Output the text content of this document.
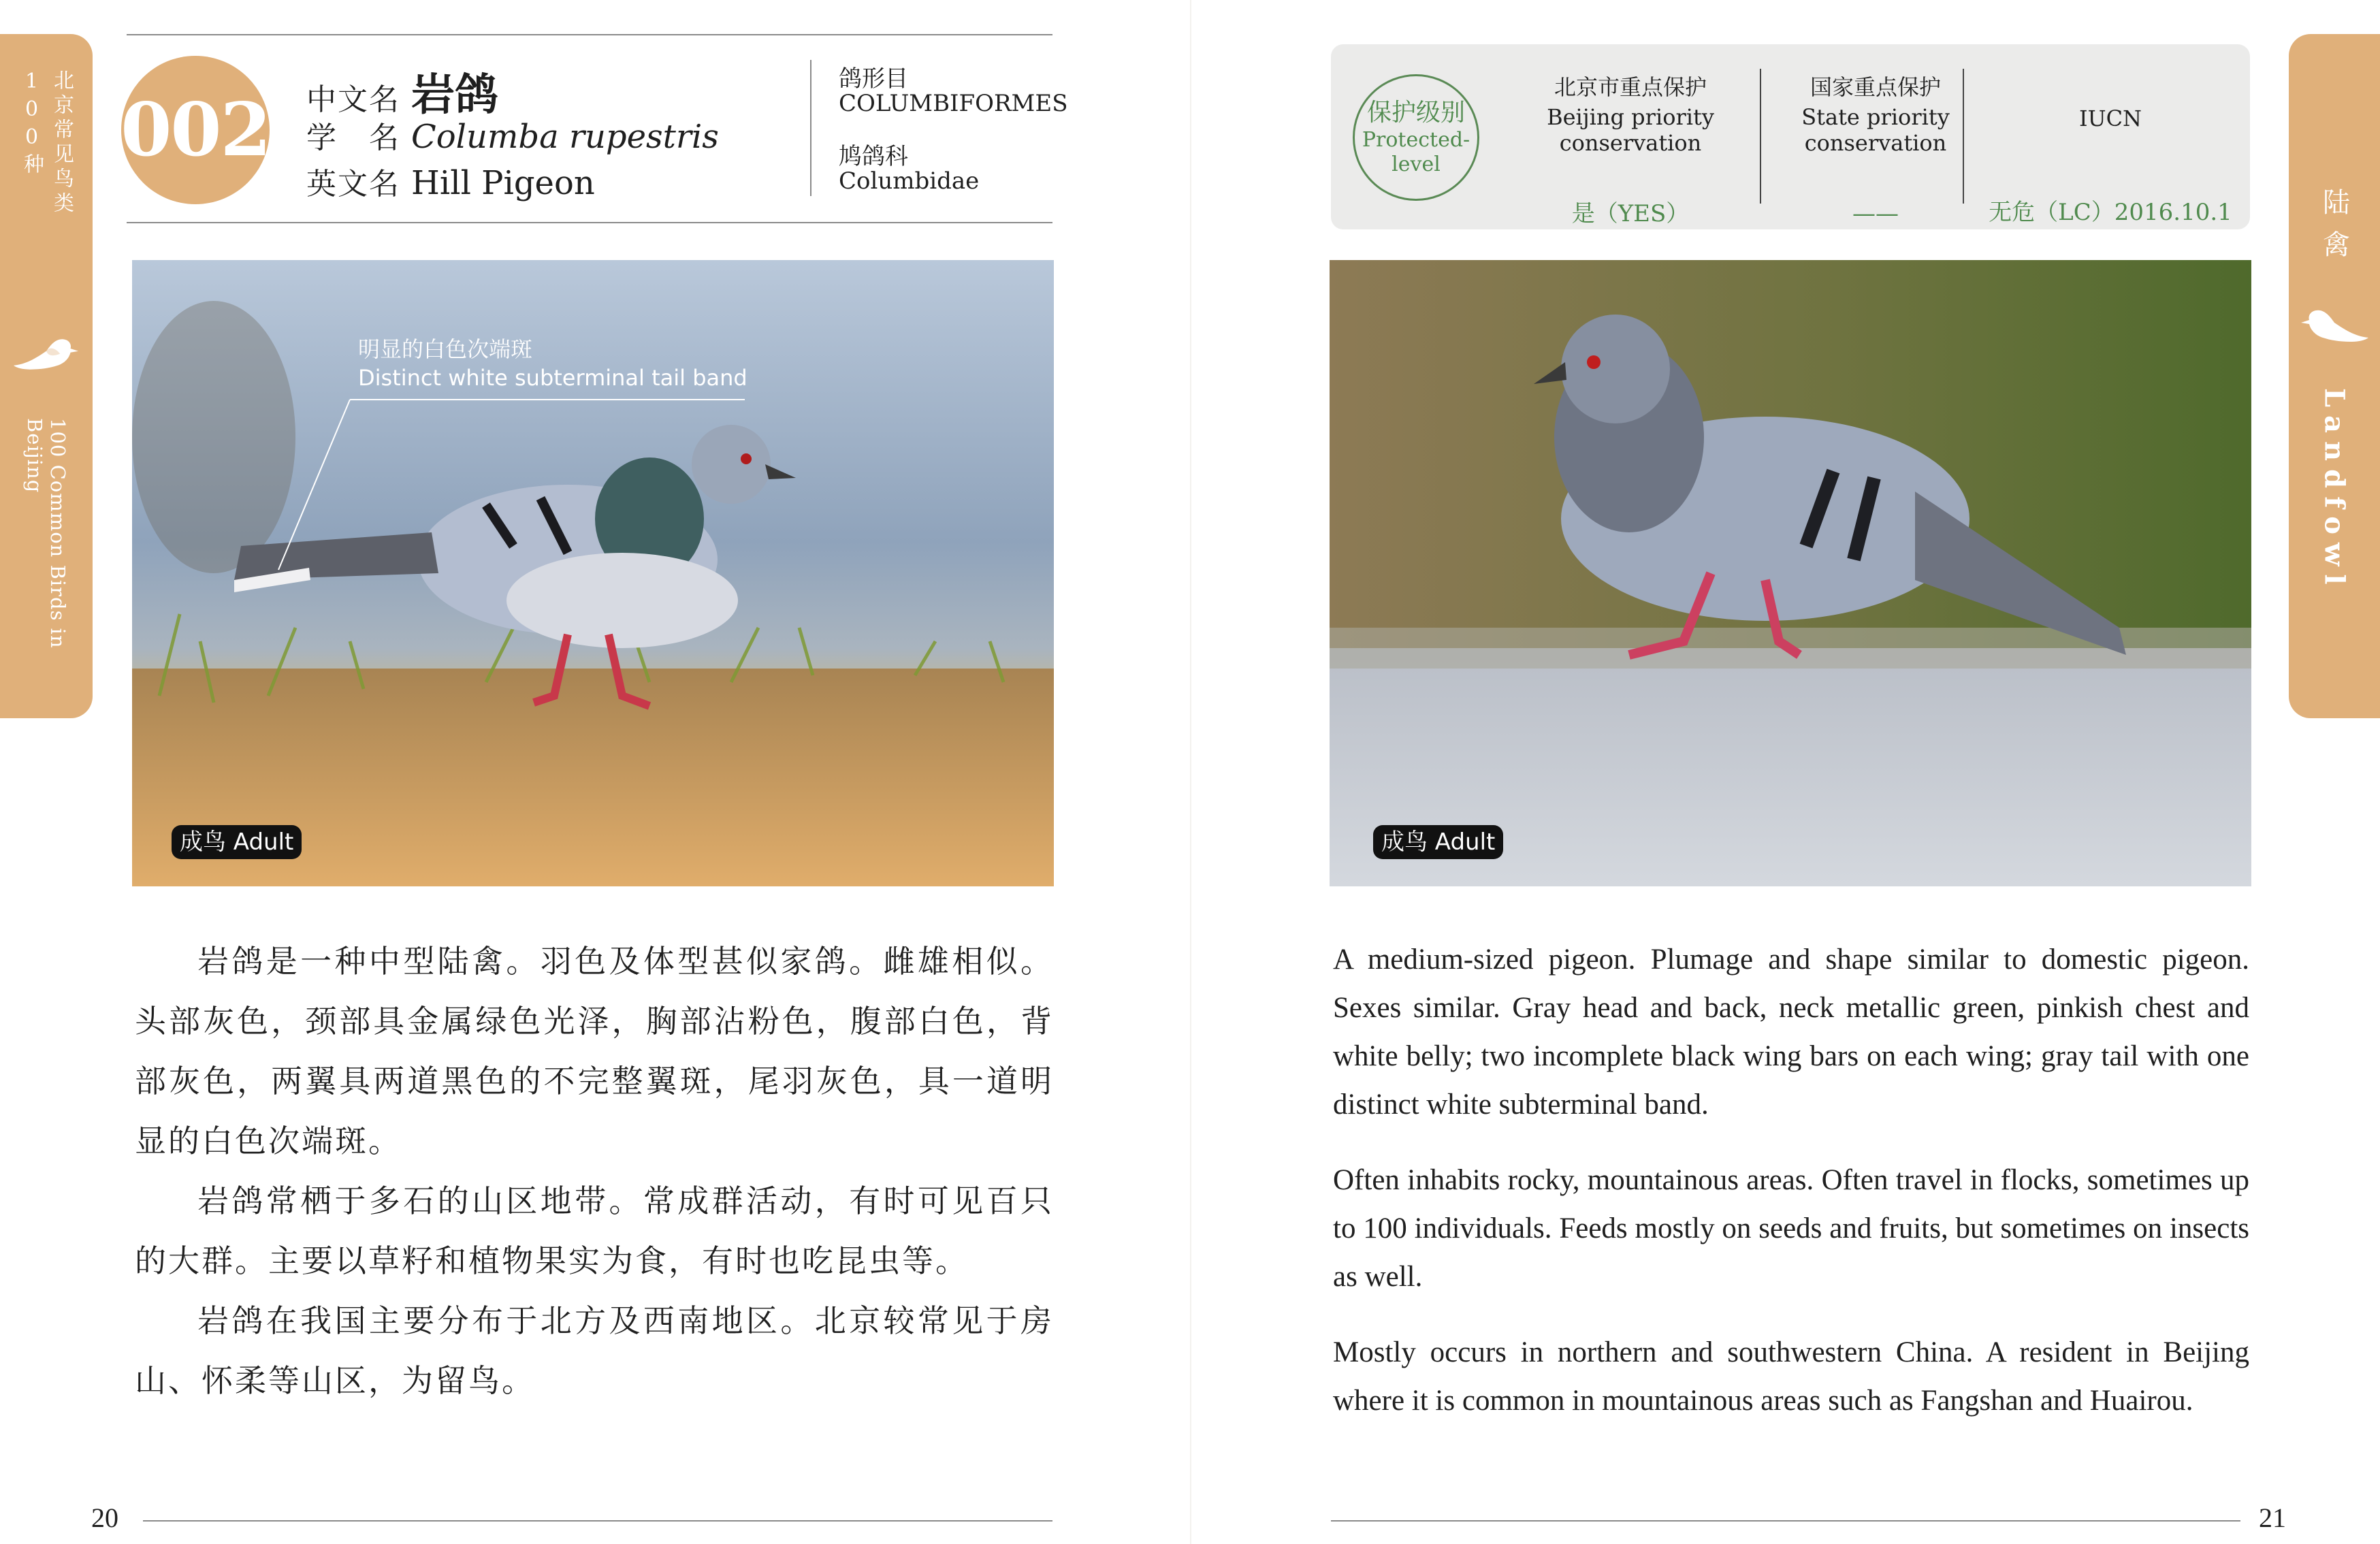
北京常见鸟类100种
100 Common Birds in Beijing
002 中文名 岩鸽
学　名 Columba rupestris
英文名 Hill Pigeon
鸽形目
COLUMBIFORMES
鸠鸽科
Columbidae
明显的白色次端斑
Distinct white subterminal tail band
成鸟 Adult

岩鸽是一种中型陆禽。羽色及体型甚似家鸽。雌雄相似。头部灰色，颈部具金属绿色光泽，胸部沾粉色，腹部白色，背部灰色，两翼具两道黑色的不完整翼斑，尾羽灰色，具一道明显的白色次端斑。

岩鸽常栖于多石的山区地带。常成群活动，有时可见百只的大群。主要以草籽和植物果实为食，有时也吃昆虫等。

岩鸽在我国主要分布于北方及西南地区。北京较常见于房山、怀柔等山区，为留鸟。

20
保护级别
Protected-level
北京市重点保护
Beijing priority conservation
是（YES）
国家重点保护
State priority conservation
——
IUCN
无危（LC）2016.10.1
成鸟 Adult

A medium-sized pigeon. Plumage and shape similar to domestic pigeon. Sexes similar. Gray head and back, neck metallic green, pinkish chest and white belly; two incomplete black wing bars on each wing; gray tail with one distinct white subterminal band.

Often inhabits rocky, mountainous areas. Often travel in flocks, sometimes up to 100 individuals. Feeds mostly on seeds and fruits, but sometimes on insects as well.

Mostly occurs in northern and southwestern China. A resident in Beijing where it is common in mountainous areas such as Fangshan and Huairou.

陆禽
Landfowl
21
